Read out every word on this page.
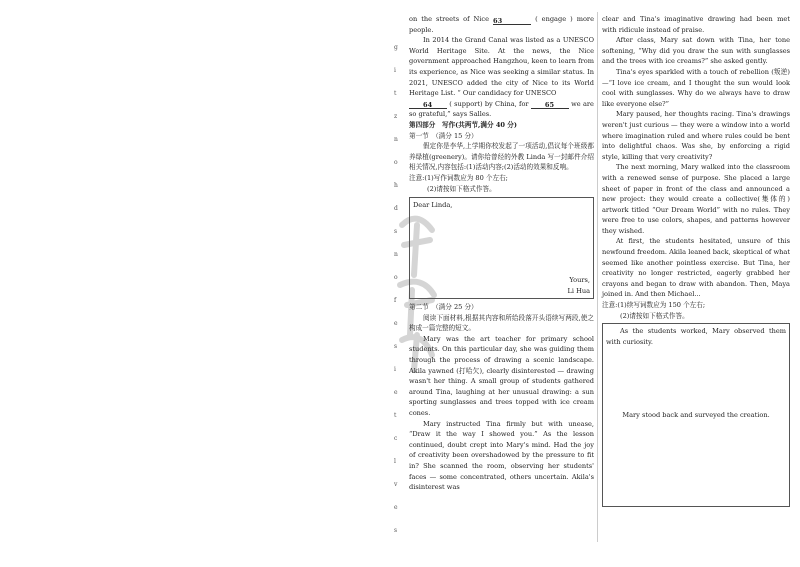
g
i
t
z
n
o
h
d
s
n
o
f
e
s
i
e
t
c
l
v
e
s

on the streets of Nice 63	( engage ) more people.

In 2014 the Grand Canal was listed as a UNESCO World Heritage Site. At the news, the Nice government approached Hangzhou, keen to learn from its experience, as Nice was seeking a similar status. In 2021, UNESCO added the city of Nice to its World Heritage List. “ Our candidacy for UNESCO
64	( support) by China, for 65	we are so grateful,” says Salles.

第四部分　写作(共两节,满分 40 分)

第一节　（满分 15 分）

假定你是李华,上学期你校发起了一项活动,倡议每个班级都养绿植(greenery)。请你给曾经的外教 Linda 写一封邮件介绍相关情况,内容包括:(1)活动内容;(2)活动的效果和反响。

注意:(1)写作词数应为 80 个左右;

(2)请按如下格式作答。

Dear Linda,
Yours,
Li Hua

第二节　（满分 25 分）

阅读下面材料,根据其内容和所给段落开头语续写两段,使之构成一篇完整的短文。

Mary was the art teacher for primary school students. On this particular day, she was guiding them through the process of drawing a scenic landscape. Akila yawned (打哈欠), clearly disinterested — drawing wasn't her thing. A small group of students gathered around Tina, laughing at her unusual drawing: a sun sporting sunglasses and trees topped with ice cream cones.

Mary instructed Tina firmly but with unease, “Draw it the way I showed you.” As the lesson continued, doubt crept into Mary's mind. Had the joy of creativity been overshadowed by the pressure to fit in? She scanned the room, observing her students' faces — some concentrated, others uncertain. Akila's disinterest was

clear and Tina's imaginative drawing had been met with ridicule instead of praise.

After class, Mary sat down with Tina, her tone softening, “Why did you draw the sun with sunglasses and the trees with ice creams?” she asked gently.

Tina's eyes sparkled with a touch of rebellion (叛逆)—“I love ice cream, and I thought the sun would look cool with sunglasses. Why do we always have to draw like everyone else?”

Mary paused, her thoughts racing. Tina's drawings weren't just curious — they were a window into a world where imagination ruled and where rules could be bent into delightful chaos. Was she, by enforcing a rigid style, killing that very creativity?

The next morning, Mary walked into the classroom with a renewed sense of purpose. She placed a large sheet of paper in front of the class and announced a new project: they would create a collective(集体的) artwork titled “Our Dream World” with no rules. They were free to use colors, shapes, and patterns however they wished.

At first, the students hesitated, unsure of this newfound freedom. Akila leaned back, skeptical of what seemed like another pointless exercise. But Tina, her creativity no longer restricted, eagerly grabbed her crayons and began to draw with abandon. Then, Maya joined in. And then Michael...

注意:(1)续写词数应为 150 个左右;

(2)请按如下格式作答。

As the students worked, Mary observed them with curiosity.

Mary stood back and surveyed the creation.
